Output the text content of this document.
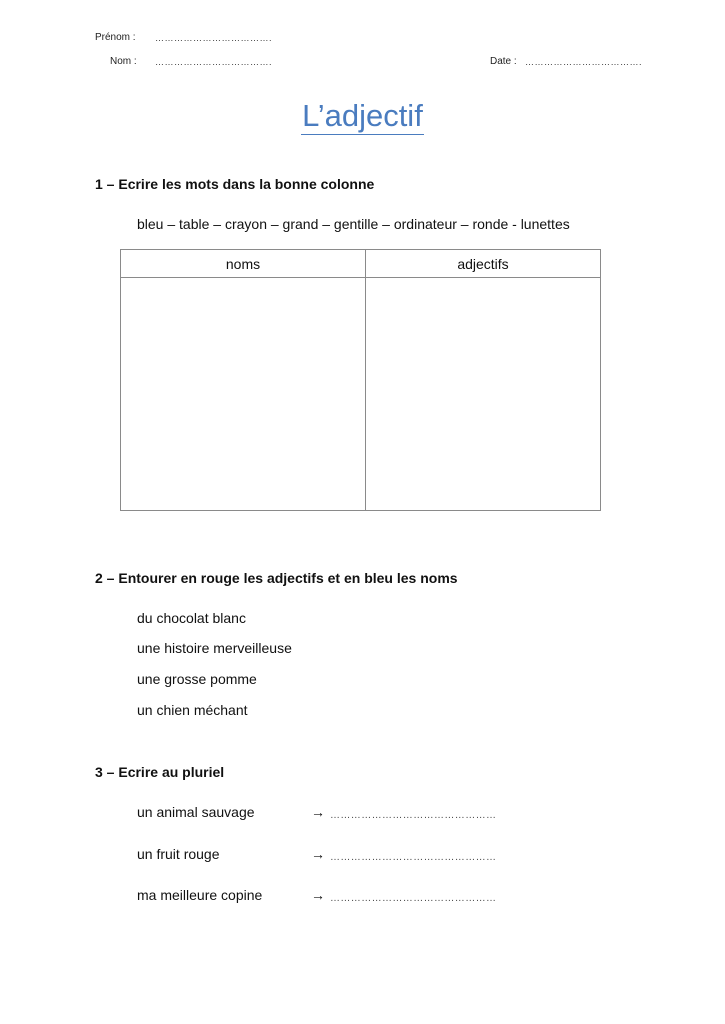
Prénom : ……………………………….
Nom : ……………………………….	Date : ……………………………….
L’adjectif
1 – Ecrire les mots dans la bonne colonne
bleu – table – crayon – grand – gentille – ordinateur – ronde - lunettes
noms	adjectifs

2 – Entourer en rouge les adjectifs et en bleu les noms
du chocolat blanc
une histoire merveilleuse
une grosse pomme
un chien méchant
3 – Ecrire au pluriel
un animal sauvage	→ …………………………………………
un fruit rouge	→ …………………………………………
ma meilleure copine	→ …………………………………………
